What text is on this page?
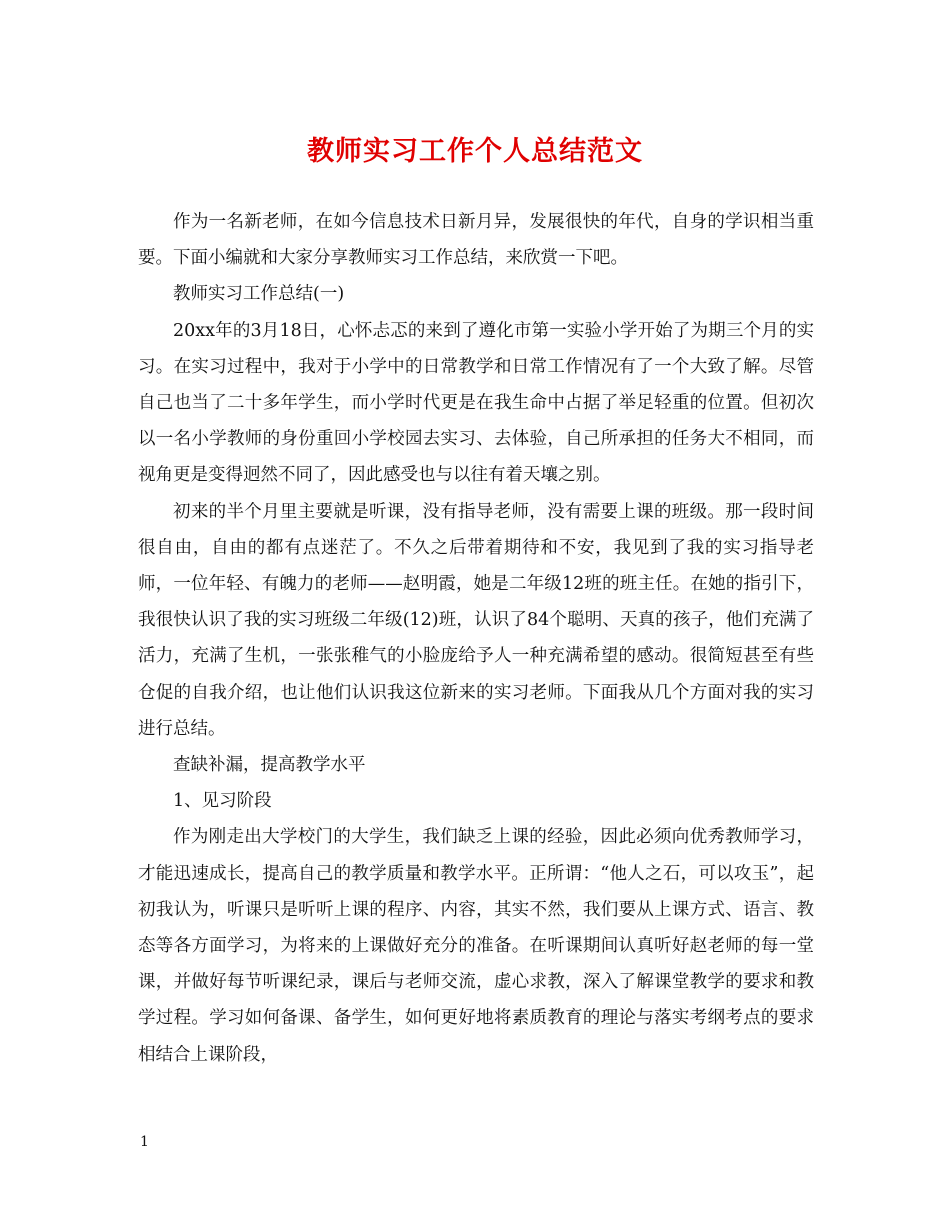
教师实习工作个人总结范文

作为一名新老师，在如今信息技术日新月异，发展很快的年代，自身的学识相当重要。下面小编就和大家分享教师实习工作总结，来欣赏一下吧。

教师实习工作总结(一)

20xx年的3月18日，心怀忐忑的来到了遵化市第一实验小学开始了为期三个月的实习。在实习过程中，我对于小学中的日常教学和日常工作情况有了一个大致了解。尽管自己也当了二十多年学生，而小学时代更是在我生命中占据了举足轻重的位置。但初次以一名小学教师的身份重回小学校园去实习、去体验，自己所承担的任务大不相同，而视角更是变得迥然不同了，因此感受也与以往有着天壤之别。

初来的半个月里主要就是听课，没有指导老师，没有需要上课的班级。那一段时间很自由，自由的都有点迷茫了。不久之后带着期待和不安，我见到了我的实习指导老师，一位年轻、有魄力的老师——赵明霞，她是二年级12班的班主任。在她的指引下，我很快认识了我的实习班级二年级(12)班，认识了84个聪明、天真的孩子，他们充满了活力，充满了生机，一张张稚气的小脸庞给予人一种充满希望的感动。很简短甚至有些仓促的自我介绍，也让他们认识我这位新来的实习老师。下面我从几个方面对我的实习进行总结。

查缺补漏，提高教学水平

1、见习阶段

作为刚走出大学校门的大学生，我们缺乏上课的经验，因此必须向优秀教师学习，才能迅速成长，提高自己的教学质量和教学水平。正所谓：“他人之石，可以攻玉”，起初我认为，听课只是听听上课的程序、内容，其实不然，我们要从上课方式、语言、教态等各方面学习，为将来的上课做好充分的准备。在听课期间认真听好赵老师的每一堂课，并做好每节听课纪录，课后与老师交流，虚心求教，深入了解课堂教学的要求和教学过程。学习如何备课、备学生，如何更好地将素质教育的理论与落实考纲考点的要求相结合上课阶段，

1
